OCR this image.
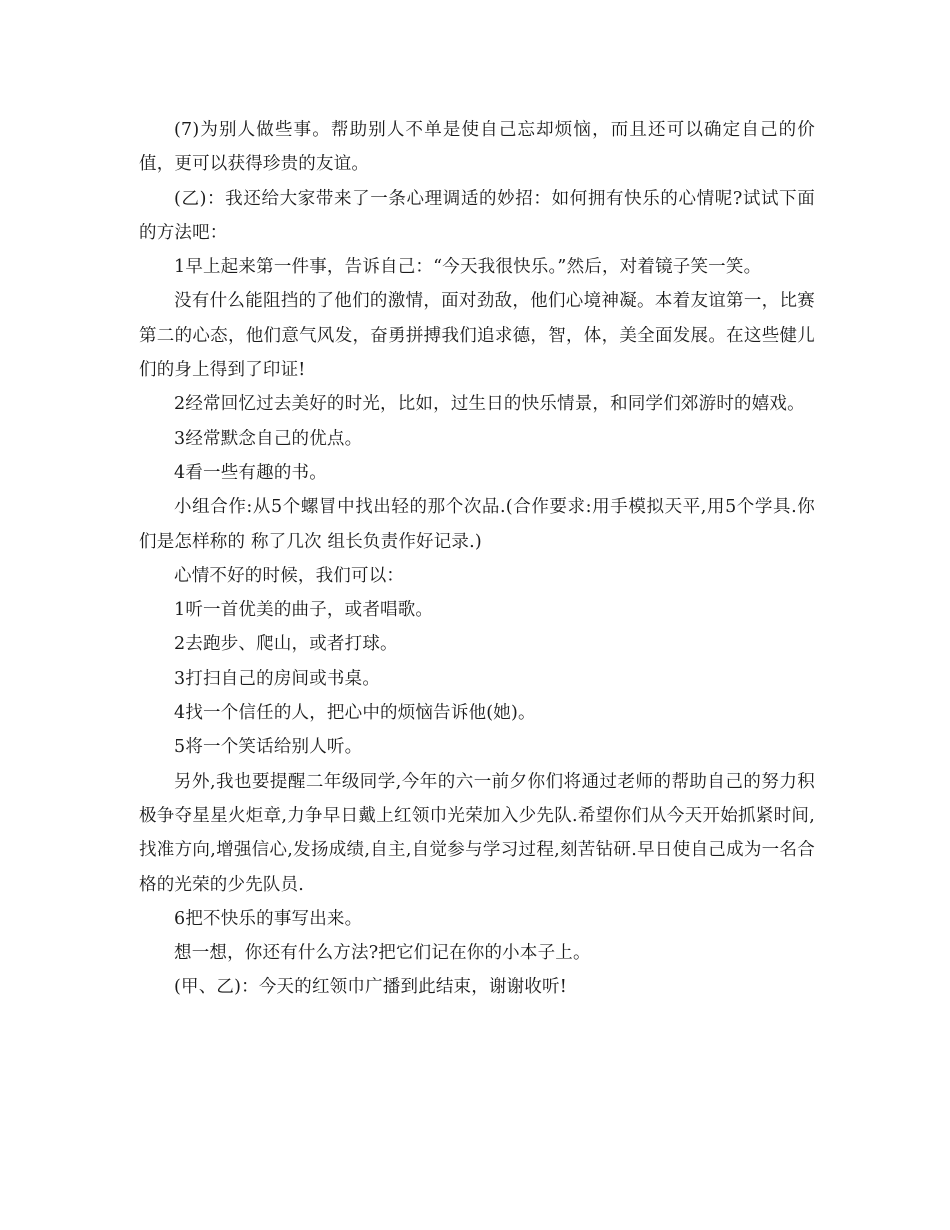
(7)为别人做些事。帮助别人不单是使自己忘却烦恼，而且还可以确定自己的价值，更可以获得珍贵的友谊。

(乙)：我还给大家带来了一条心理调适的妙招：如何拥有快乐的心情呢?试试下面的方法吧：

1早上起来第一件事，告诉自己：“今天我很快乐。”然后，对着镜子笑一笑。

没有什么能阻挡的了他们的激情，面对劲敌，他们心境神凝。本着友谊第一，比赛第二的心态，他们意气风发，奋勇拼搏我们追求德，智，体，美全面发展。在这些健儿们的身上得到了印证!

2经常回忆过去美好的时光，比如，过生日的快乐情景，和同学们郊游时的嬉戏。

3经常默念自己的优点。

4看一些有趣的书。

小组合作:从5个螺冒中找出轻的那个次品.(合作要求:用手模拟天平,用5个学具.你们是怎样称的 称了几次 组长负责作好记录.)

心情不好的时候，我们可以：

1听一首优美的曲子，或者唱歌。

2去跑步、爬山，或者打球。

3打扫自己的房间或书桌。

4找一个信任的人，把心中的烦恼告诉他(她)。

5将一个笑话给别人听。

另外,我也要提醒二年级同学,今年的六一前夕你们将通过老师的帮助自己的努力积极争夺星星火炬章,力争早日戴上红领巾光荣加入少先队.希望你们从今天开始抓紧时间,找准方向,增强信心,发扬成绩,自主,自觉参与学习过程,刻苦钻研.早日使自己成为一名合格的光荣的少先队员.

6把不快乐的事写出来。

想一想，你还有什么方法?把它们记在你的小本子上。

(甲、乙)：今天的红领巾广播到此结束，谢谢收听!
